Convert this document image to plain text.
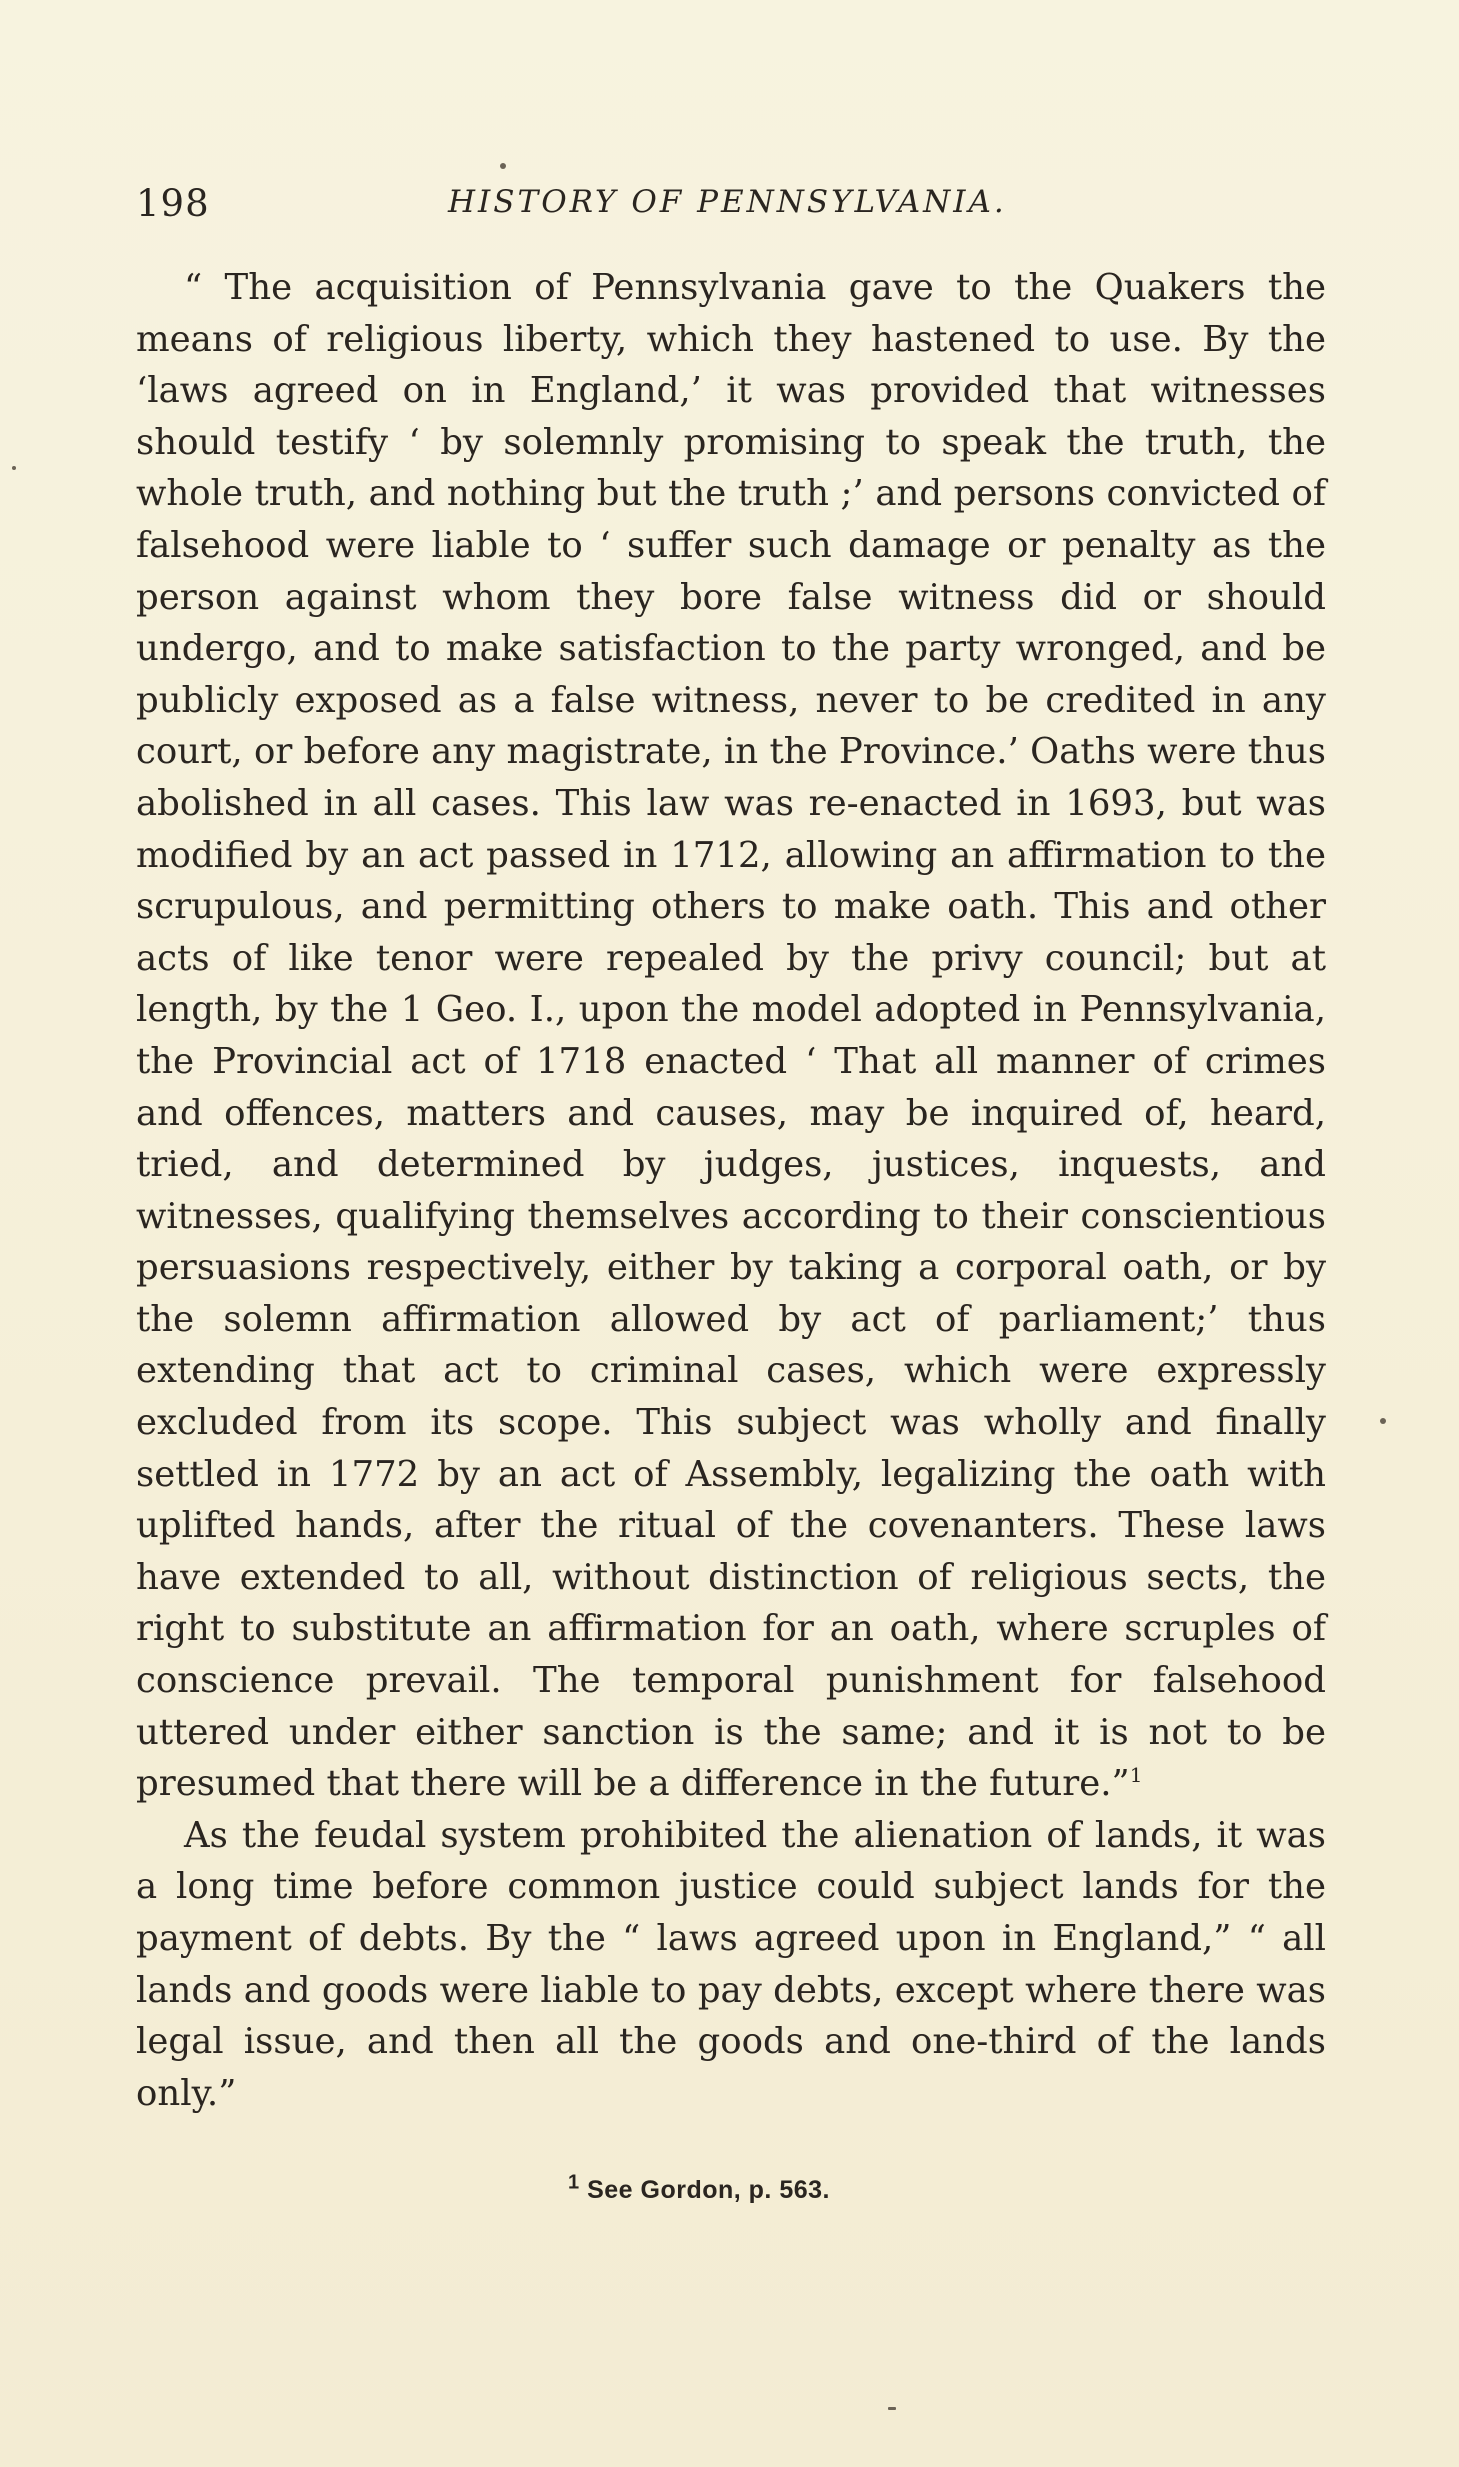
198	HISTORY OF PENNSYLVANIA.

“ The acquisition of Pennsylvania gave to the Quakers the means of religious liberty, which they hastened to use. By the ‘laws agreed on in England,’ it was provided that witnesses should testify ‘ by solemnly promising to speak the truth, the whole truth, and nothing but the truth ;’ and persons convicted of falsehood were liable to ‘ suffer such damage or penalty as the person against whom they bore false witness did or should undergo, and to make satisfaction to the party wronged, and be publicly exposed as a false witness, never to be credited in any court, or before any magistrate, in the Province.’ Oaths were thus abolished in all cases. This law was re-enacted in 1693, but was modified by an act passed in 1712, allowing an affirmation to the scrupulous, and permitting others to make oath. This and other acts of like tenor were repealed by the privy council; but at length, by the 1 Geo. I., upon the model adopted in Pennsylvania, the Provincial act of 1718 enacted ‘ That all manner of crimes and offences, matters and causes, may be inquired of, heard, tried, and determined by judges, justices, inquests, and witnesses, qualifying themselves according to their conscientious persuasions respectively, either by taking a corporal oath, or by the solemn affirmation allowed by act of parliament;’ thus extending that act to criminal cases, which were expressly excluded from its scope. This subject was wholly and finally settled in 1772 by an act of Assembly, legalizing the oath with uplifted hands, after the ritual of the covenanters. These laws have extended to all, without distinction of religious sects, the right to substitute an affirmation for an oath, where scruples of conscience prevail. The temporal punishment for falsehood uttered under either sanction is the same; and it is not to be presumed that there will be a difference in the future.”$^1$

As the feudal system prohibited the alienation of lands, it was a long time before common justice could subject lands for the payment of debts. By the “ laws agreed upon in England,” “ all lands and goods were liable to pay debts, except where there was legal issue, and then all the goods and one-third of the lands only.”

$^1$ See Gordon, p. 563.
